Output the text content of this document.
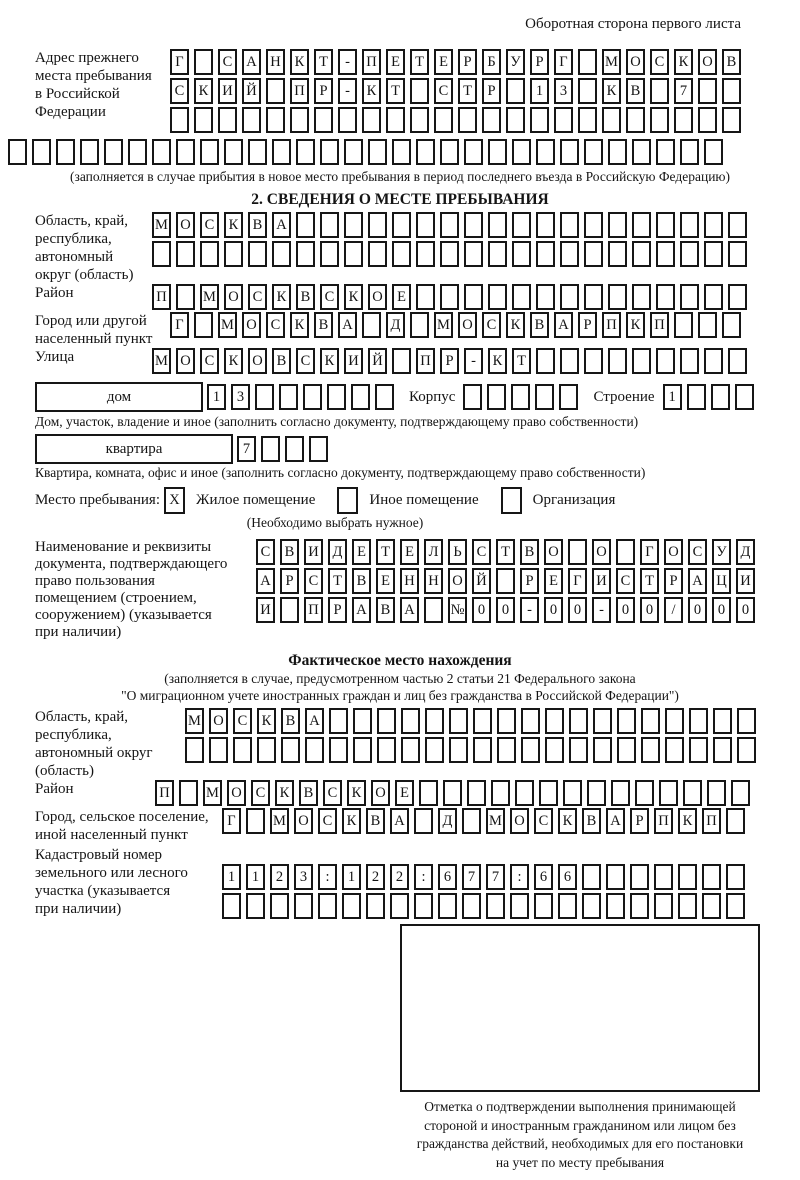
Оборотная сторона первого листа
Адрес прежнего
места пребывания
в Российской
Федерации
Г	С А Н К	Т	-	П Е	Т	Е	Р	Б	У	Р	Г	М О С К О В
С К И Й	П	Р	-	К	Т	С	Т	Р	1	3	К В	7
(заполняется в случае прибытия в новое место пребывания в период последнего въезда в Российскую Федерацию)
2. СВЕДЕНИЯ О МЕСТЕ ПРЕБЫВАНИЯ
Область, край,
республика,
автономный
округ (область)
М О С К В А
Район	П	М О С К В С К О Е
Город или другой
населенный пункт
Г	М О С К В А	Д	М О С К В А	Р	П К П
Улица	М О С К О В С К И Й	П	Р	-	К	Т
дом	1	3	Корпус	Строение 1
Дом, участок, владение и иное (заполнить согласно документу, подтверждающему право собственности)
квартира	7
Квартира, комната, офис и иное (заполнить согласно документу, подтверждающему право собственности)
Место пребывания: X	Жилое помещение	Иное помещение	Организация
(Необходимо выбрать нужное)
Наименование и реквизиты
документа, подтверждающего
право пользования
помещением (строением,
сооружением) (указывается
при наличии)
С В И Д	Е	Т	Е	Л	Ь	С	Т	В О	О	Г	О С У Д
А	Р	С	Т	В	Е Н Н О Й	Р	Е	Г	И С	Т	Р	А Ц И
И	П	Р	А В А № 0	0	-	0	0	-	0	0	/	0	0	0
Фактическое место нахождения
(заполняется в случае, предусмотренном частью 2 статьи 21 Федерального закона
"О миграционном учете иностранных граждан и лиц без гражданства в Российской Федерации")
Область, край,
республика,
автономный округ
(область)
М О С К В А
Район	П	М О С К В С К О Е
Город, сельское поселение,
иной населенный пункт
Г	М О С К В А	Д	М О С К В А	Р	П К П
Кадастровый номер
земельного или лесного
участка (указывается
при наличии)
1	1	2	3	:	1	2	2	:	6	7	7	:	6	6
Отметка о подтверждении выполнения принимающей
стороной и иностранным гражданином или лицом без
гражданства действий, необходимых для его постановки
на учет по месту пребывания
